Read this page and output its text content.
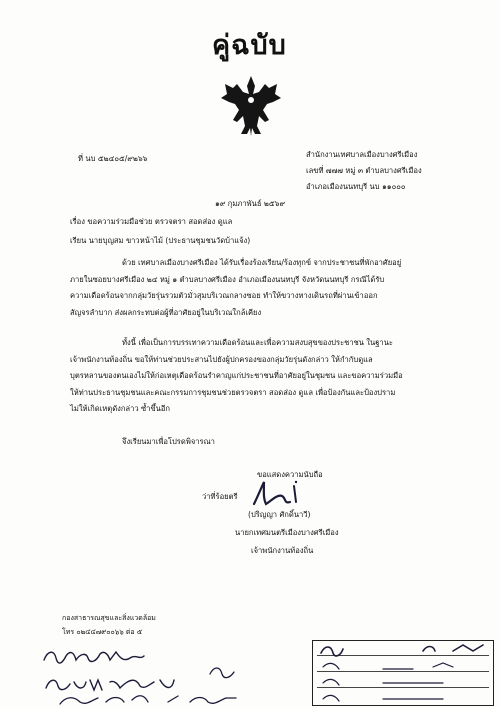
คู่ฉบับ
ที่ นบ ๕๒๔๐๕/๙๒๖๖	สำนักงานเทศบาลเมืองบางศรีเมือง
เลขที่ ๗๗๗ หมู่ ๓ ตำบลบางศรีเมือง
อำเภอเมืองนนทบุรี นบ ๑๑๐๐๐
๑๙ กุมภาพันธ์ ๒๕๖๙
เรื่อง ขอความร่วมมือช่วย ตรวจตรา สอดส่อง ดูแล
เรียน นายบุญสม ขาวหน้าไม้ (ประธานชุมชนวัดบ้าแจ้ง)
ด้วย เทศบาลเมืองบางศรีเมือง ได้รับเรื่องร้องเรียน/ร้องทุกข์ จากประชาชนที่พักอาศัยอยู่
ภายในซอยบางศรีเมือง ๒๔ หมู่ ๑ ตำบลบางศรีเมือง อำเภอเมืองนนทบุรี จังหวัดนนทบุรี กรณีได้รับ
ความเดือดร้อนจากกลุ่มวัยรุ่นรวมตัวมั่วสุมบริเวณกลางซอย ทำให้ขวางทางเดินรถที่ผ่านเข้าออก
สัญจรลำบาก ส่งผลกระทบต่อผู้ที่อาศัยอยู่ในบริเวณใกล้เคียง
ทั้งนี้ เพื่อเป็นการบรรเทาความเดือดร้อนและเพื่อความสงบสุขของประชาชน ในฐานะ
เจ้าพนักงานท้องถิ่น ขอให้ท่านช่วยประสานไปยังผู้ปกครองของกลุ่มวัยรุ่นดังกล่าว ให้กำกับดูแล
บุตรหลานของตนเองไม่ให้ก่อเหตุเดือดร้อนรำคาญแก่ประชาชนที่อาศัยอยู่ในชุมชน และขอความร่วมมือ
ให้ท่านประธานชุมชนและคณะกรรมการชุมชนช่วยตรวจตรา สอดส่อง ดูแล เพื่อป้องกันและป้องปราม
ไม่ให้เกิดเหตุดังกล่าว ซ้ำขึ้นอีก
จึงเรียนมาเพื่อโปรดพิจารณา
ขอแสดงความนับถือ
ว่าที่ร้อยตรี
(ปริญญา ศักดิ์นาวี)
นายกเทศมนตรีเมืองบางศรีเมือง
เจ้าพนักงานท้องถิ่น
กองสาธารณสุขและสิ่งแวดล้อม
โทร ๐๒๔๔๗๙๐๐๖๖ ต่อ ๕
